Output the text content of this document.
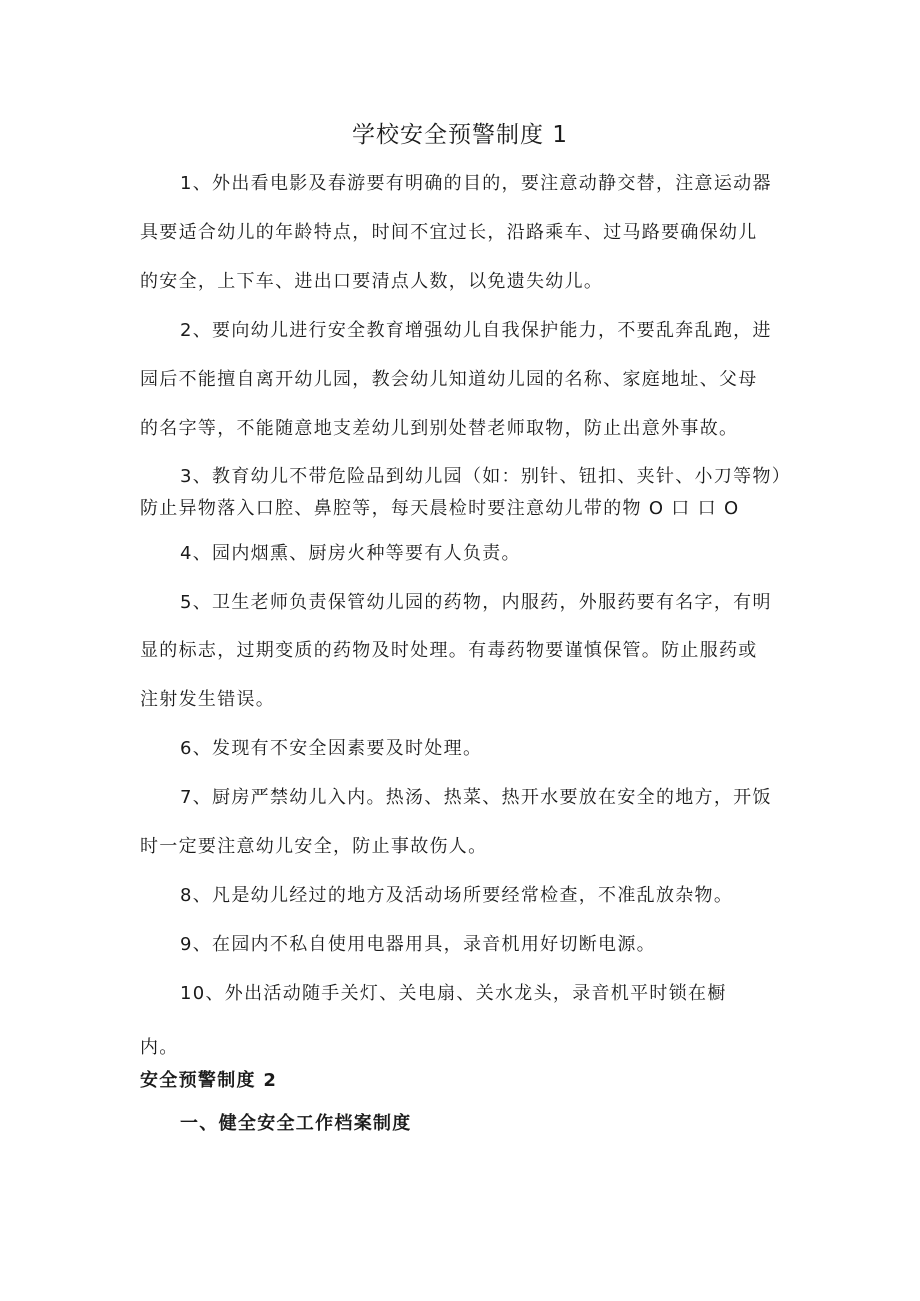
学校安全预警制度 1
1、外出看电影及春游要有明确的目的，要注意动静交替，注意运动器
具要适合幼儿的年龄特点，时间不宜过长，沿路乘车、过马路要确保幼儿
的安全，上下车、进出口要清点人数，以免遗失幼儿。
2、要向幼儿进行安全教育增强幼儿自我保护能力，不要乱奔乱跑，进
园后不能擅自离开幼儿园，教会幼儿知道幼儿园的名称、家庭地址、父母
的名字等，不能随意地支差幼儿到别处替老师取物，防止出意外事故。
3、教育幼儿不带危险品到幼儿园（如：别针、钮扣、夹针、小刀等物）
防止异物落入口腔、鼻腔等，每天晨检时要注意幼儿带的物 O 口 口 O
4、园内烟熏、厨房火种等要有人负责。
5、卫生老师负责保管幼儿园的药物，内服药，外服药要有名字，有明
显的标志，过期变质的药物及时处理。有毒药物要谨慎保管。防止服药或
注射发生错误。
6、发现有不安全因素要及时处理。
7、厨房严禁幼儿入内。热汤、热菜、热开水要放在安全的地方，开饭
时一定要注意幼儿安全，防止事故伤人。
8、凡是幼儿经过的地方及活动场所要经常检查，不准乱放杂物。
9、在园内不私自使用电器用具，录音机用好切断电源。
10、外出活动随手关灯、关电扇、关水龙头，录音机平时锁在橱
内。
安全预警制度 2
一、健全安全工作档案制度
